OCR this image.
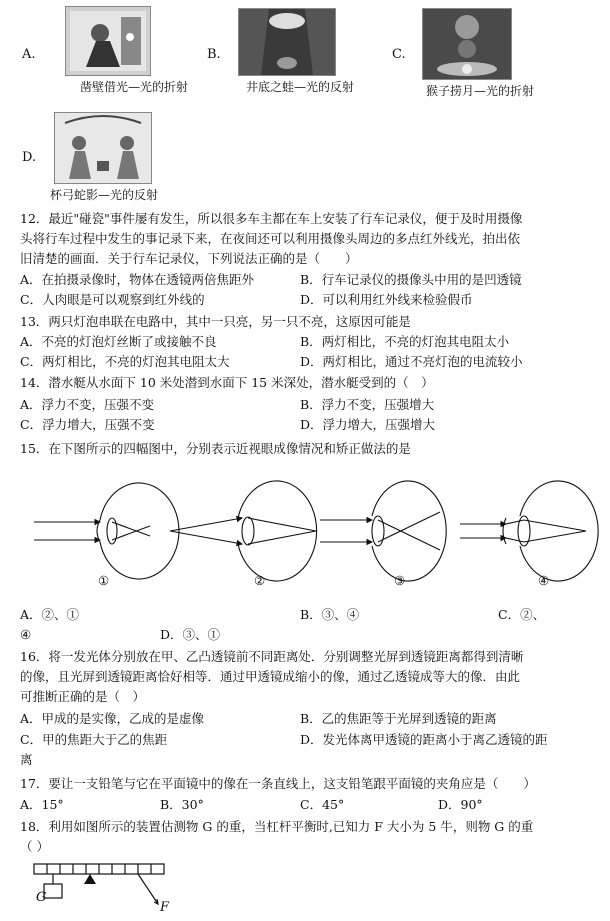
A.
凿壁借光—光的折射
B.
井底之蛙—光的反射
C.
猴子捞月—光的折射
D.
杯弓蛇影—光的反射
12．最近"碰瓷"事件屡有发生，所以很多车主都在车上安装了行车记录仪，便于及时用摄像
头将行车过程中发生的事记录下来，在夜间还可以利用摄像头周边的多点红外线光，拍出依
旧清楚的画面．关于行车记录仪，下列说法正确的是（　　）
A．在拍摄录像时，物体在透镜两倍焦距外	B．行车记录仪的摄像头中用的是凹透镜
C．人肉眼是可以观察到红外线的	D．可以利用红外线来检验假币
13．两只灯泡串联在电路中，其中一只亮，另一只不亮，这原因可能是
A．不亮的灯泡灯丝断了或接触不良	B．两灯相比，不亮的灯泡其电阻太小
C．两灯相比，不亮的灯泡其电阻太大	D．两灯相比，通过不亮灯泡的电流较小
14．潜水艇从水面下 10 米处潜到水面下 15 米深处，潜水艇受到的（　）
A．浮力不变，压强不变	B．浮力不变，压强增大
C．浮力增大，压强不变	D．浮力增大，压强增大
15．在下图所示的四幅图中，分别表示近视眼成像情况和矫正做法的是
①	②	③	④
A．②、①	B．③、④	C．②、
④	D．③、①
16．将一发光体分别放在甲、乙凸透镜前不同距离处．分别调整光屏到透镜距离都得到清晰
的像，且光屏到透镜距离恰好相等．通过甲透镜成缩小的像，通过乙透镜成等大的像．由此
可推断正确的是（　）
A．甲成的是实像，乙成的是虚像	B．乙的焦距等于光屏到透镜的距离
C．甲的焦距大于乙的焦距	D．发光体离甲透镜的距离小于离乙透镜的距
离
17．要让一支铅笔与它在平面镜中的像在一条直线上，这支铅笔跟平面镜的夹角应是（　　）
A．15°	B．30°	C．45°	D．90°
18．利用如图所示的装置估测物 G 的重，当杠杆平衡时,已知力 F 大小为 5 牛，则物 G 的重
（ ）
G
F
